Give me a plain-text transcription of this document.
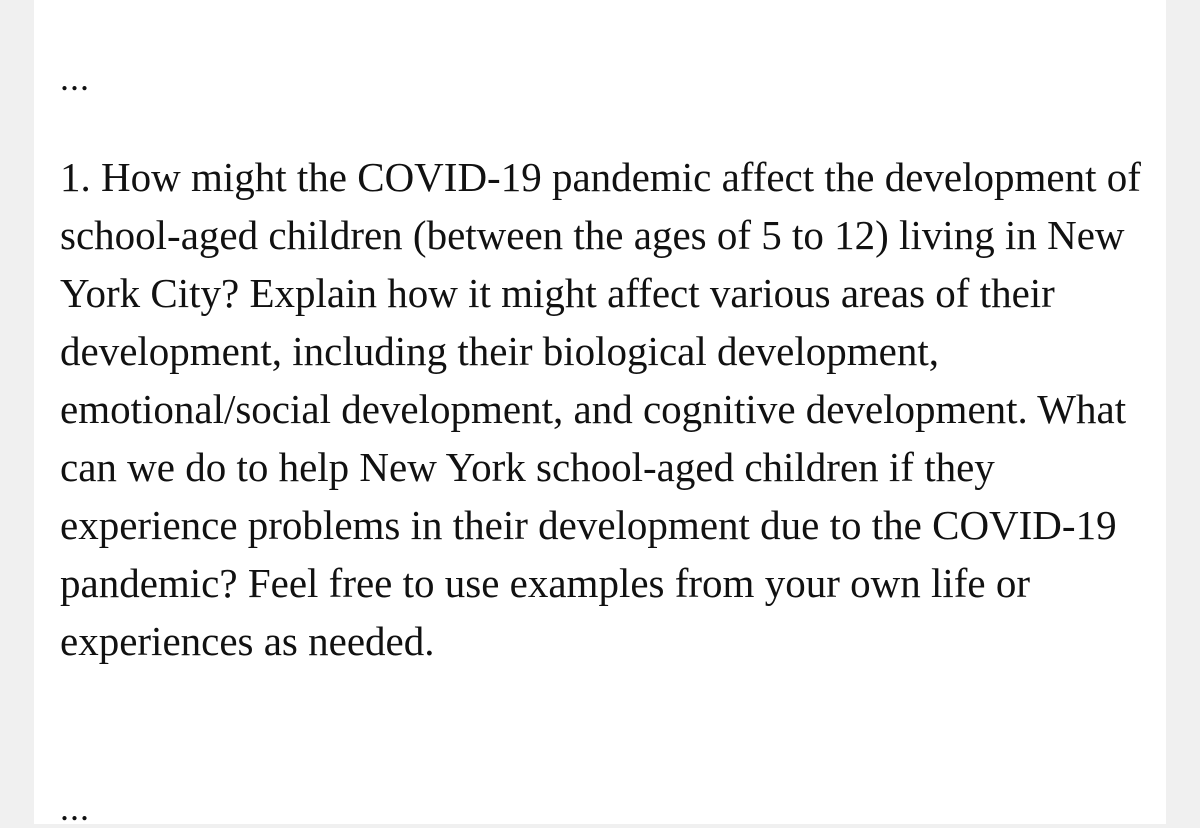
...

1. How might the COVID-19 pandemic affect the development of school-aged children (between the ages of 5 to 12) living in New York City? Explain how it might affect various areas of their development, including their biological development, emotional/social development, and cognitive development. What can we do to help New York school-aged children if they experience problems in their development due to the COVID-19 pandemic? Feel free to use examples from your own life or experiences as needed.

...
